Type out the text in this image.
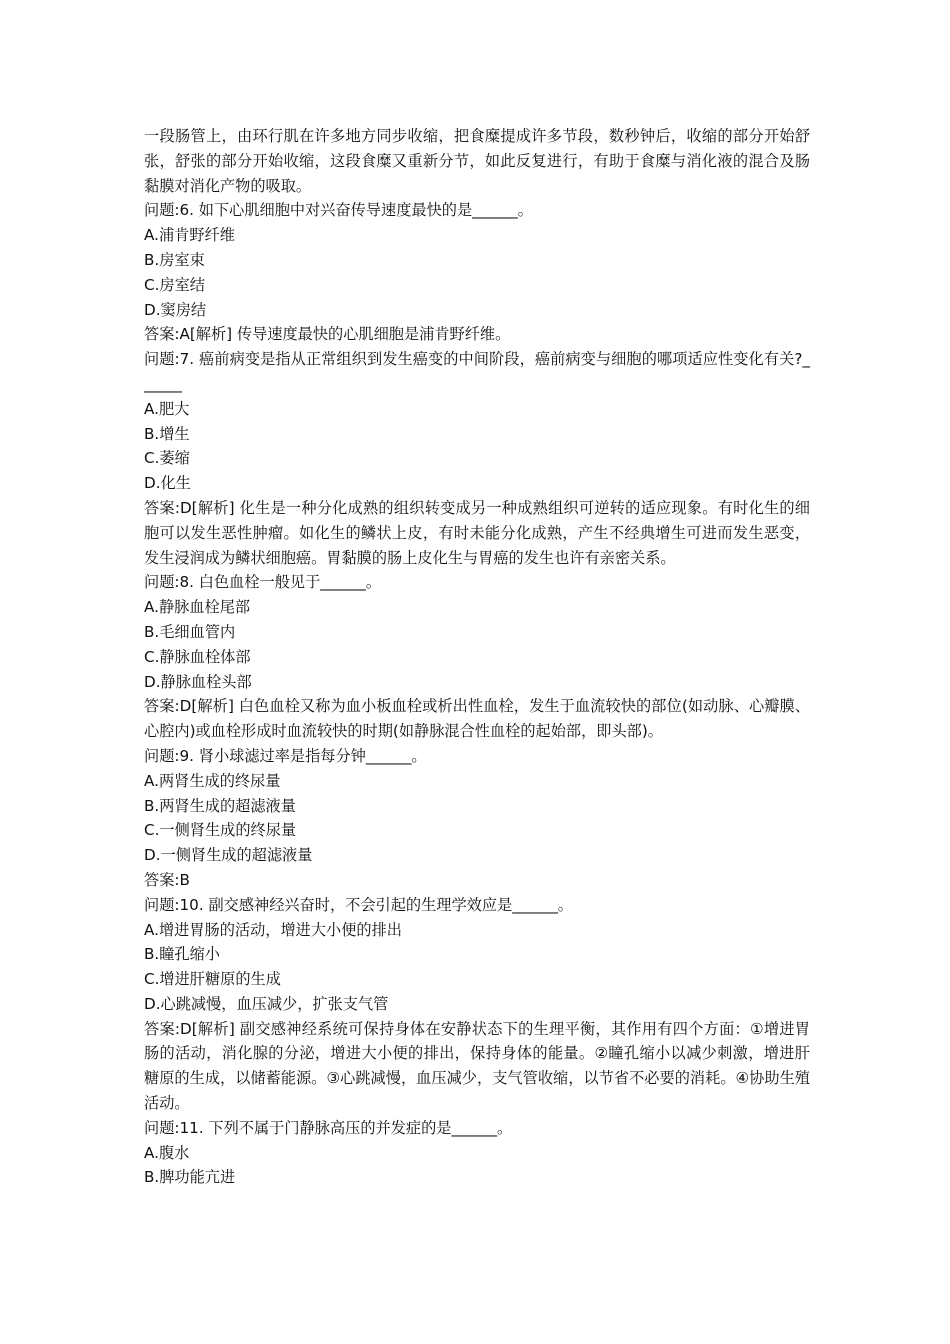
一段肠管上，由环行肌在许多地方同步收缩，把食糜提成许多节段，数秒钟后，收缩的部分开始舒张，舒张的部分开始收缩，这段食糜又重新分节，如此反复进行，有助于食糜与消化液的混合及肠黏膜对消化产物的吸取。

问题:6. 如下心肌细胞中对兴奋传导速度最快的是______。

A.浦肯野纤维

B.房室束

C.房室结

D.窦房结

答案:A[解析] 传导速度最快的心肌细胞是浦肯野纤维。

问题:7. 癌前病变是指从正常组织到发生癌变的中间阶段，癌前病变与细胞的哪项适应性变化有关?______

A.肥大

B.增生

C.萎缩

D.化生

答案:D[解析] 化生是一种分化成熟的组织转变成另一种成熟组织可逆转的适应现象。有时化生的细胞可以发生恶性肿瘤。如化生的鳞状上皮，有时未能分化成熟，产生不经典增生可进而发生恶变，发生浸润成为鳞状细胞癌。胃黏膜的肠上皮化生与胃癌的发生也许有亲密关系。

问题:8. 白色血栓一般见于______。

A.静脉血栓尾部

B.毛细血管内

C.静脉血栓体部

D.静脉血栓头部

答案:D[解析] 白色血栓又称为血小板血栓或析出性血栓，发生于血流较快的部位(如动脉、心瓣膜、心腔内)或血栓形成时血流较快的时期(如静脉混合性血栓的起始部，即头部)。

问题:9. 肾小球滤过率是指每分钟______。

A.两肾生成的终尿量

B.两肾生成的超滤液量

C.一侧肾生成的终尿量

D.一侧肾生成的超滤液量

答案:B

问题:10. 副交感神经兴奋时，不会引起的生理学效应是______。

A.增进胃肠的活动，增进大小便的排出

B.瞳孔缩小

C.增进肝糖原的生成

D.心跳减慢，血压减少，扩张支气管

答案:D[解析] 副交感神经系统可保持身体在安静状态下的生理平衡，其作用有四个方面：①增进胃肠的活动，消化腺的分泌，增进大小便的排出，保持身体的能量。②瞳孔缩小以减少刺激，增进肝糖原的生成，以储蓄能源。③心跳减慢，血压减少，支气管收缩，以节省不必要的消耗。④协助生殖活动。

问题:11. 下列不属于门静脉高压的并发症的是______。

A.腹水

B.脾功能亢进
